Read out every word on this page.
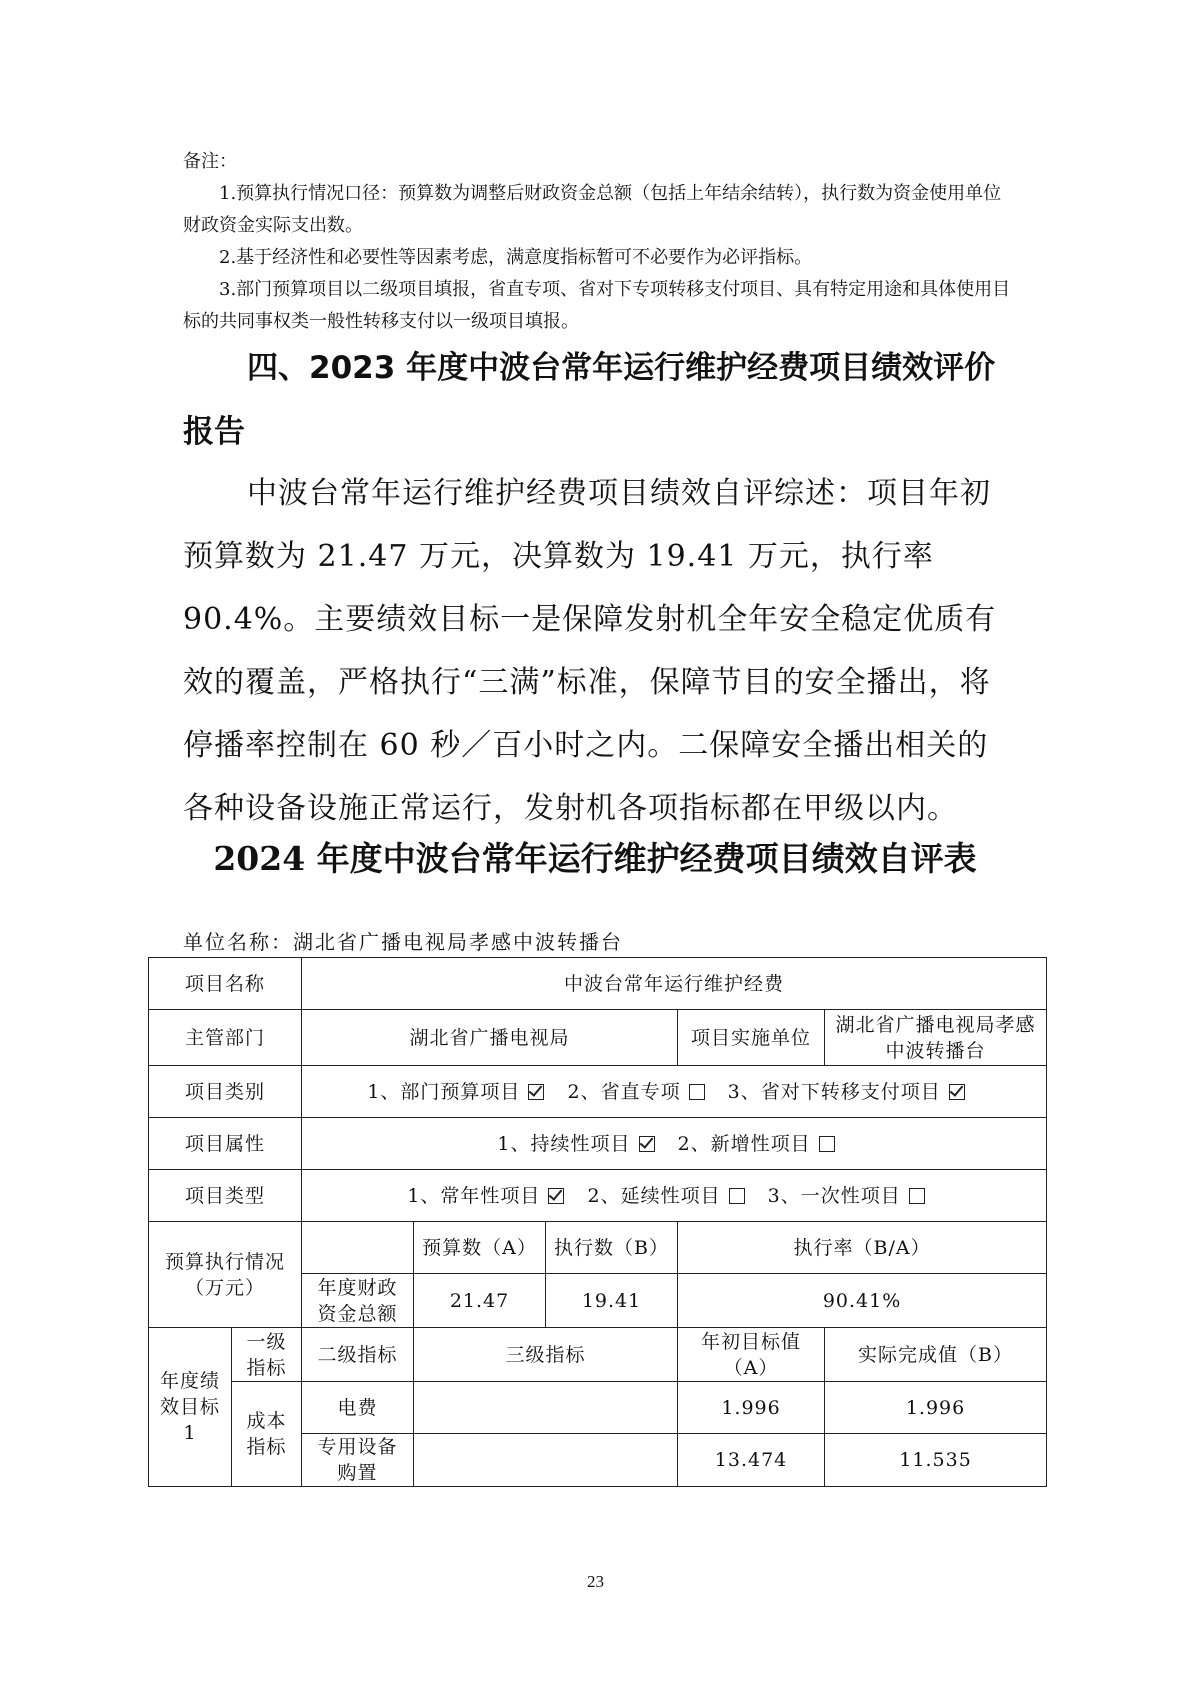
备注：

1.预算执行情况口径：预算数为调整后财政资金总额（包括上年结余结转），执行数为资金使用单位财政资金实际支出数。

2.基于经济性和必要性等因素考虑，满意度指标暂可不必要作为必评指标。

3.部门预算项目以二级项目填报，省直专项、省对下专项转移支付项目、具有特定用途和具体使用目标的共同事权类一般性转移支付以一级项目填报。

四、2023 年度中波台常年运行维护经费项目绩效评价报告

中波台常年运行维护经费项目绩效自评综述：项目年初预算数为 21.47 万元，决算数为 19.41 万元，执行率 90.4%。主要绩效目标一是保障发射机全年安全稳定优质有效的覆盖，严格执行“三满”标准，保障节目的安全播出，将停播率控制在 60 秒／百小时之内。二保障安全播出相关的各种设备设施正常运行，发射机各项指标都在甲级以内。

2024 年度中波台常年运行维护经费项目绩效自评表
单位名称：湖北省广播电视局孝感中波转播台
项目名称		中波台常年运行维护经费				
主管部门		湖北省广播电视局			项目实施单位	湖北省广播电视局孝感中波转播台
项目类别		1、部门预算项目 2、省直专项 3、省对下转移支付项目				
项目属性		1、持续性项目 2、新增性项目				
项目类型		1、常年性项目 2、延续性项目 3、一次性项目				
预算执行情况（万元）			预算数（A）	执行数（B）	执行率（B/A）	
		年度财政资金总额	21.47	19.41	90.41%	
年度绩效目标 1	一级指标	二级指标	三级指标		年初目标值（A）	实际完成值（B）
	成本指标	电费			1.996	1.996
		专用设备购置			13.474	11.535
23
